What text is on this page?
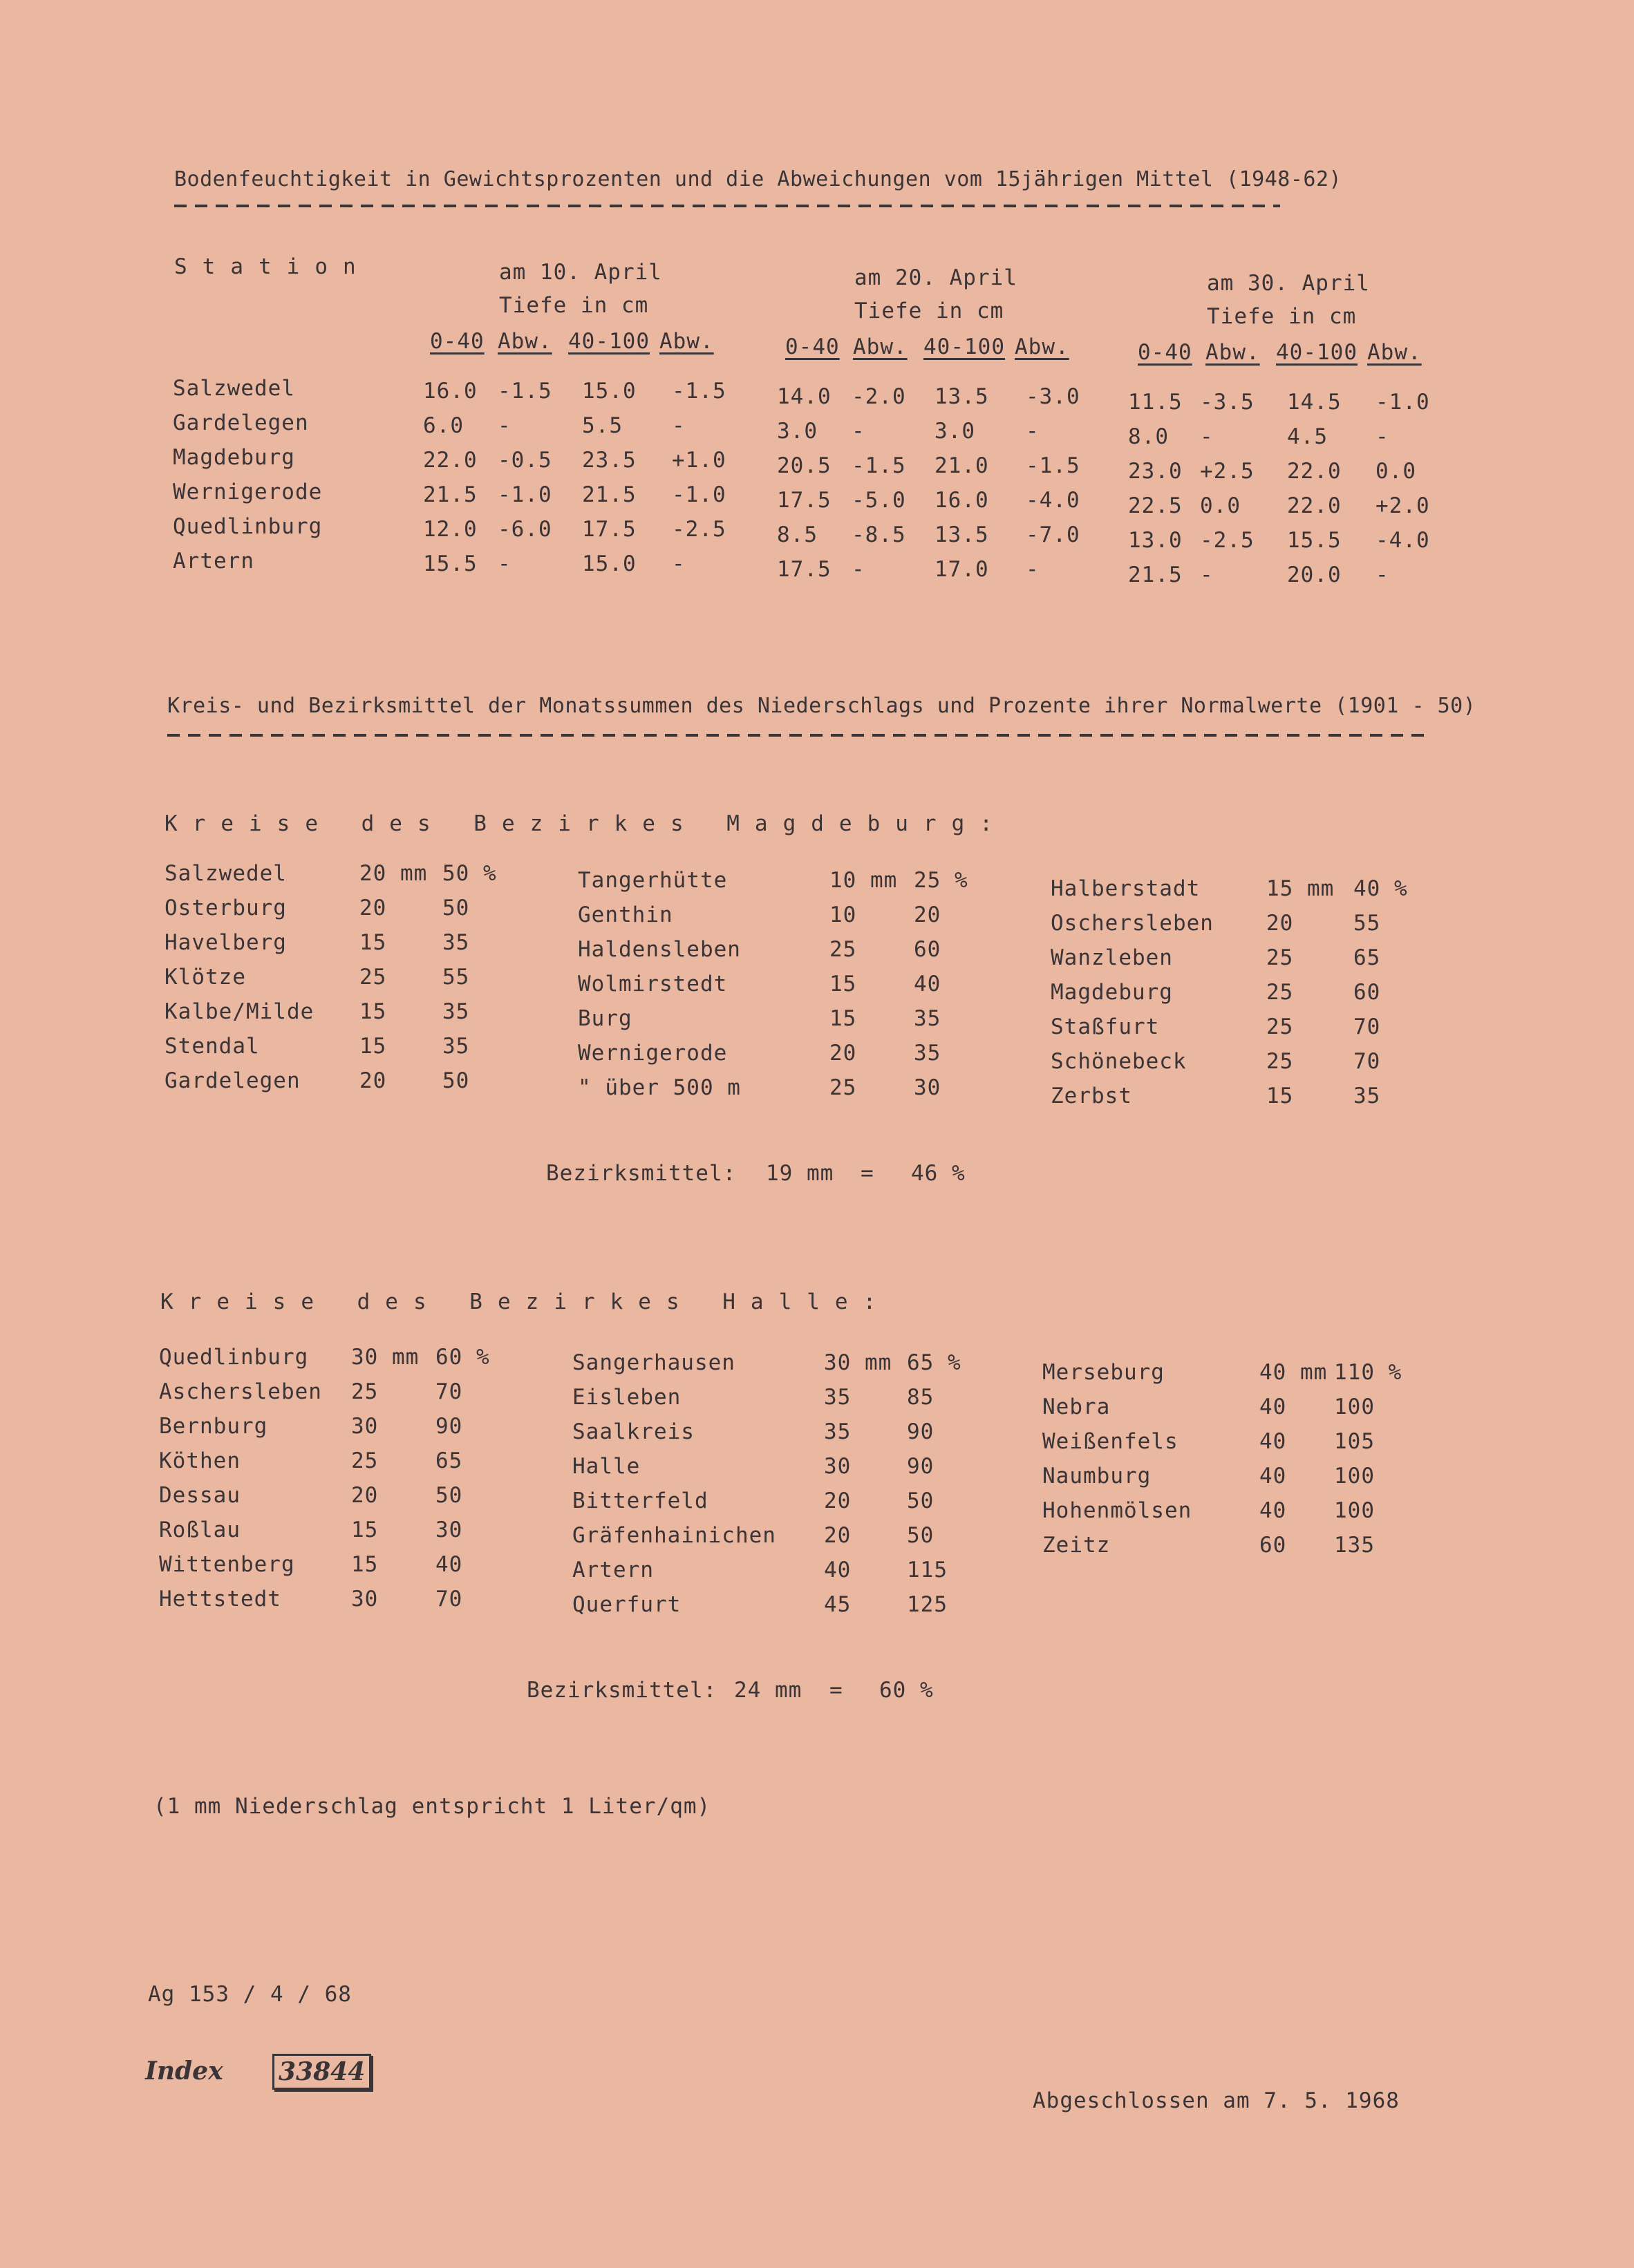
Bodenfeuchtigkeit in Gewichtsprozenten und die Abweichungen vom 15jährigen Mittel (1948-62)
Station	am 10. April
Tiefe in cm
0-40 Abw. 40-100 Abw.
am 20. April
Tiefe in cm
0-40 Abw. 40-100 Abw.
am 30. April
Tiefe in cm
0-40 Abw. 40-100 Abw.
Salzwedel	16.0 -1.5 15.0 -1.5 14.0 -2.0 13.5 -3.0 11.5 -3.5 14.5 -1.0
Gardelegen	6.0 -	5.5 -	3.0 -	3.0 -	8.0 -	4.5 -
Magdeburg	22.0 -0.5 23.5 +1.0 20.5 -1.5 21.0 -1.5 23.0 +2.5 22.0 0.0
Wernigerode	21.5 -1.0 21.5 -1.0 17.5 -5.0 16.0 -4.0 22.5 0.0 22.0 +2.0
Quedlinburg	12.0 -6.0 17.5 -2.5 8.5 -8.5 13.5 -7.0 13.0 -2.5 15.5 -4.0
Artern	15.5 -	15.0 -	17.5 -	17.0 -	21.5 -	20.0 -
Kreis- und Bezirksmittel der Monatssummen des Niederschlags und Prozente ihrer Normalwerte (1901 - 50)
Kreise des Bezirkes Magdeburg:
Salzwedel	20 mm 50 %
Osterburg	20	50
Havelberg	15	35
Klötze	25	55
Kalbe/Milde 15	35
Stendal	15	35
Gardelegen	20	50
Tangerhütte	10 mm 25 %
Genthin	10	20
Haldensleben	25	60
Wolmirstedt	15	40
Burg	15	35
Wernigerode	20	35
" über 500 m	25	30
Halberstadt	15 mm 40 %
Oschersleben 20	55
Wanzleben	25	65
Magdeburg	25	60
Staßfurt	25	70
Schönebeck	25	70
Zerbst	15	35
Bezirksmittel: 19 mm = 46 %
Kreise des Bezirkes Halle:
Quedlinburg 30 mm 60 %
Aschersleben 25	70
Bernburg	30	90
Köthen	25	65
Dessau	20	50
Roßlau	15	30
Wittenberg	15	40
Hettstedt	30	70
Sangerhausen	30 mm 65 %
Eisleben	35	85
Saalkreis	35	90
Halle	30	90
Bitterfeld	20	50
Gräfenhainichen 20	50
Artern	40	115
Querfurt	45	125
Merseburg	40 mm 110 %
Nebra	40 100
Weißenfels	40 105
Naumburg	40 100
Hohenmölsen	40 100
Zeitz	60 135
Bezirksmittel: 24 mm = 60 %
(1 mm Niederschlag entspricht 1 Liter/qm)
Ag 153 / 4 / 68
Index 33844
Abgeschlossen am 7. 5. 1968
